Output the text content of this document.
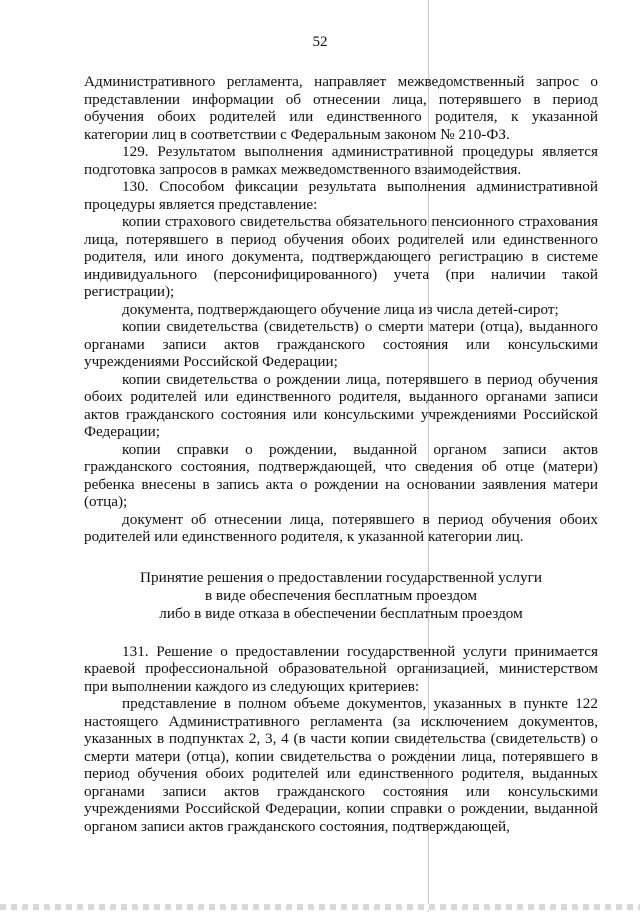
52

Административного регламента, направляет межведомственный запрос о представлении информации об отнесении лица, потерявшего в период обучения обоих родителей или единственного родителя, к указанной категории лиц в соответствии с Федеральным законом № 210-ФЗ.

129. Результатом выполнения административной процедуры является подготовка запросов в рамках межведомственного взаимодействия.

130. Способом фиксации результата выполнения административной процедуры является представление:

копии страхового свидетельства обязательного пенсионного страхования лица, потерявшего в период обучения обоих родителей или единственного родителя, или иного документа, подтверждающего регистрацию в системе индивидуального (персонифицированного) учета (при наличии такой регистрации);

документа, подтверждающего обучение лица из числа детей-сирот;

копии свидетельства (свидетельств) о смерти матери (отца), выданного органами записи актов гражданского состояния или консульскими учреждениями Российской Федерации;

копии свидетельства о рождении лица, потерявшего в период обучения обоих родителей или единственного родителя, выданного органами записи актов гражданского состояния или консульскими учреждениями Российской Федерации;

копии справки о рождении, выданной органом записи актов гражданского состояния, подтверждающей, что сведения об отце (матери) ребенка внесены в запись акта о рождении на основании заявления матери (отца);

документ об отнесении лица, потерявшего в период обучения обоих родителей или единственного родителя, к указанной категории лиц.

Принятие решения о предоставлении государственной услуги
в виде обеспечения бесплатным проездом
либо в виде отказа в обеспечении бесплатным проездом

131. Решение о предоставлении государственной услуги принимается краевой профессиональной образовательной организацией, министерством при выполнении каждого из следующих критериев:

представление в полном объеме документов, указанных в пункте 122 настоящего Административного регламента (за исключением документов, указанных в подпунктах 2, 3, 4 (в части копии свидетельства (свидетельств) о смерти матери (отца), копии свидетельства о рождении лица, потерявшего в период обучения обоих родителей или единственного родителя, выданных органами записи актов гражданского состояния или консульскими учреждениями Российской Федерации, копии справки о рождении, выданной органом записи актов гражданского состояния, подтверждающей,
